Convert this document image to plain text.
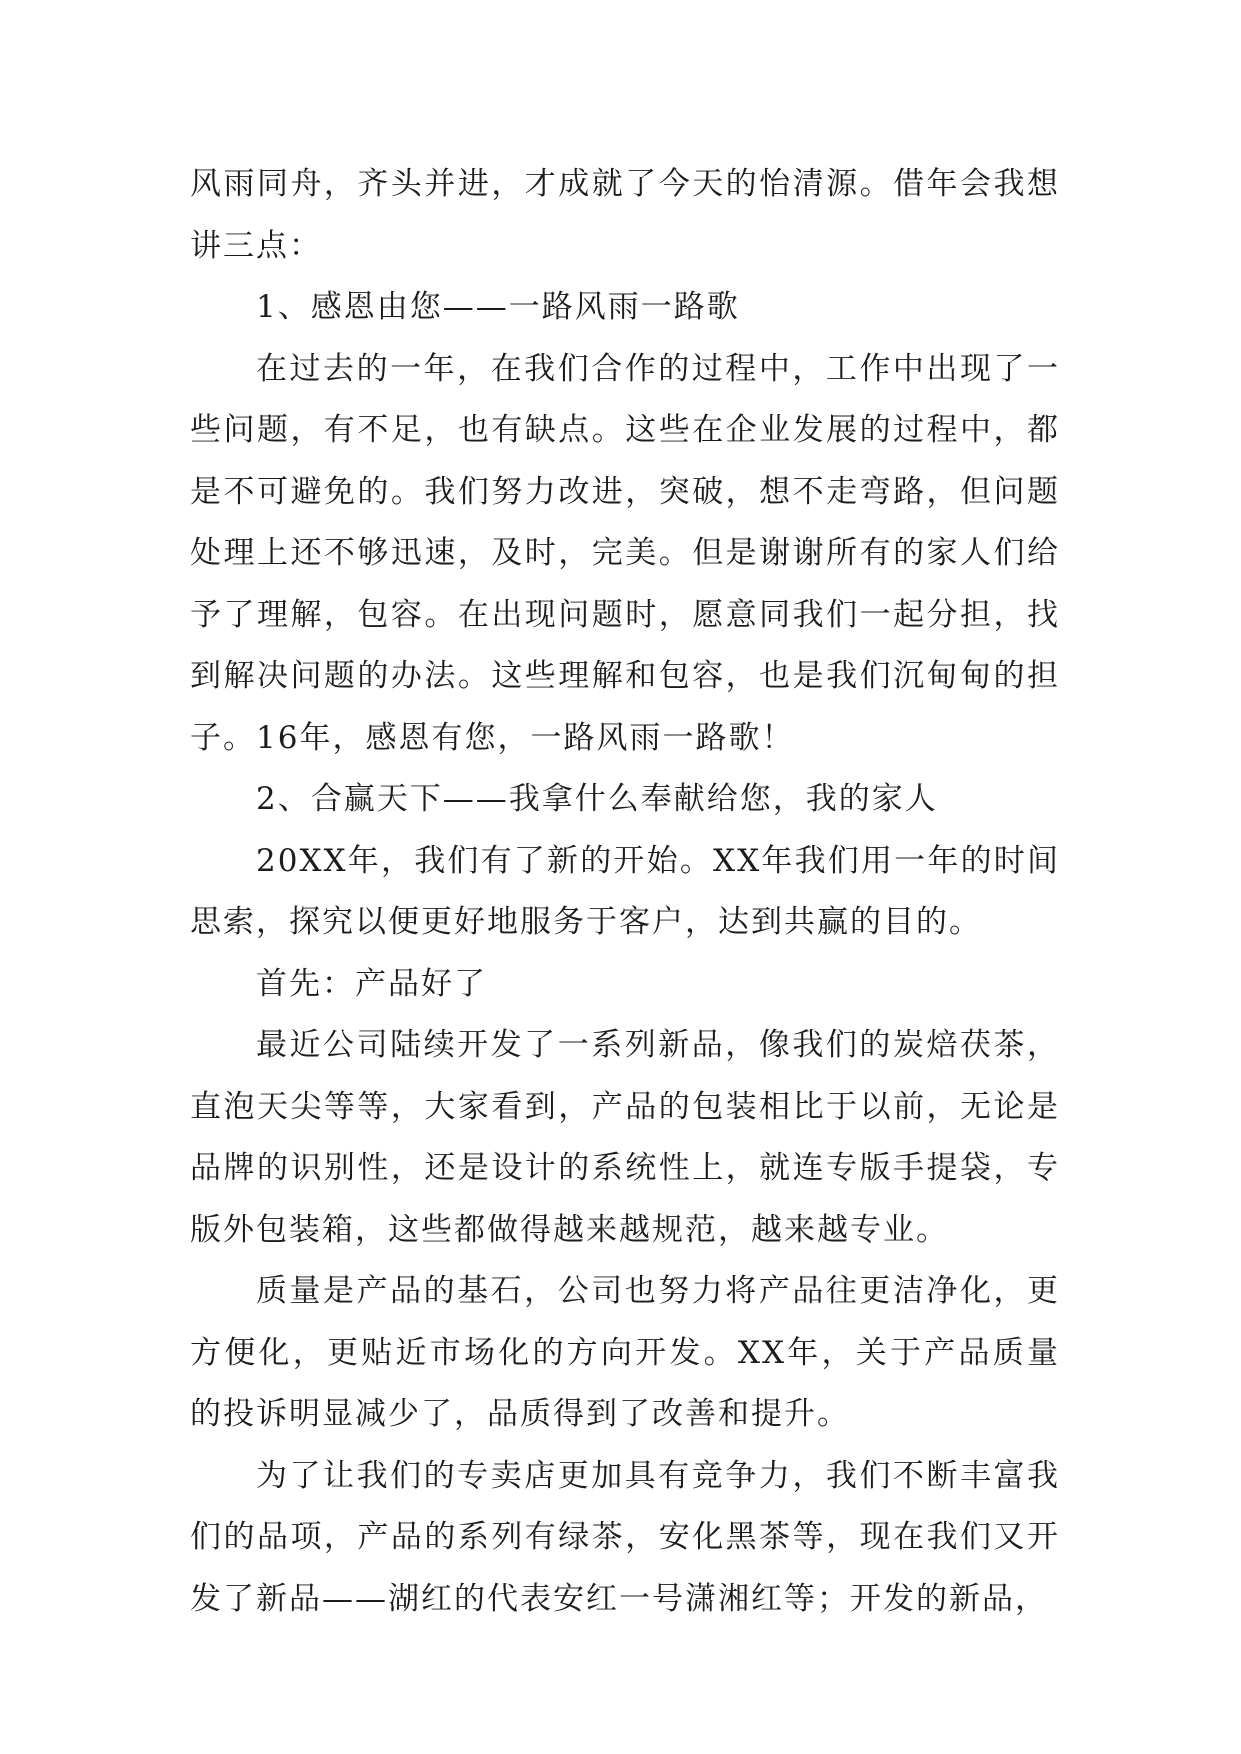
风雨同舟，齐头并进，才成就了今天的怡清源。借年会我想讲三点：

1、感恩由您——一路风雨一路歌

在过去的一年，在我们合作的过程中，工作中出现了一些问题，有不足，也有缺点。这些在企业发展的过程中，都是不可避免的。我们努力改进，突破，想不走弯路，但问题处理上还不够迅速，及时，完美。但是谢谢所有的家人们给予了理解，包容。在出现问题时，愿意同我们一起分担，找到解决问题的办法。这些理解和包容，也是我们沉甸甸的担子。16年，感恩有您，一路风雨一路歌！

2、合赢天下——我拿什么奉献给您，我的家人

20XX年，我们有了新的开始。XX年我们用一年的时间思索，探究以便更好地服务于客户，达到共赢的目的。

首先：产品好了

最近公司陆续开发了一系列新品，像我们的炭焙茯茶，直泡天尖等等，大家看到，产品的包装相比于以前，无论是品牌的识别性，还是设计的系统性上，就连专版手提袋，专版外包装箱，这些都做得越来越规范，越来越专业。

质量是产品的基石，公司也努力将产品往更洁净化，更方便化，更贴近市场化的方向开发。XX年，关于产品质量的投诉明显减少了，品质得到了改善和提升。

为了让我们的专卖店更加具有竞争力，我们不断丰富我们的品项，产品的系列有绿茶，安化黑茶等，现在我们又开发了新品——湖红的代表安红一号潇湘红等；开发的新品，
